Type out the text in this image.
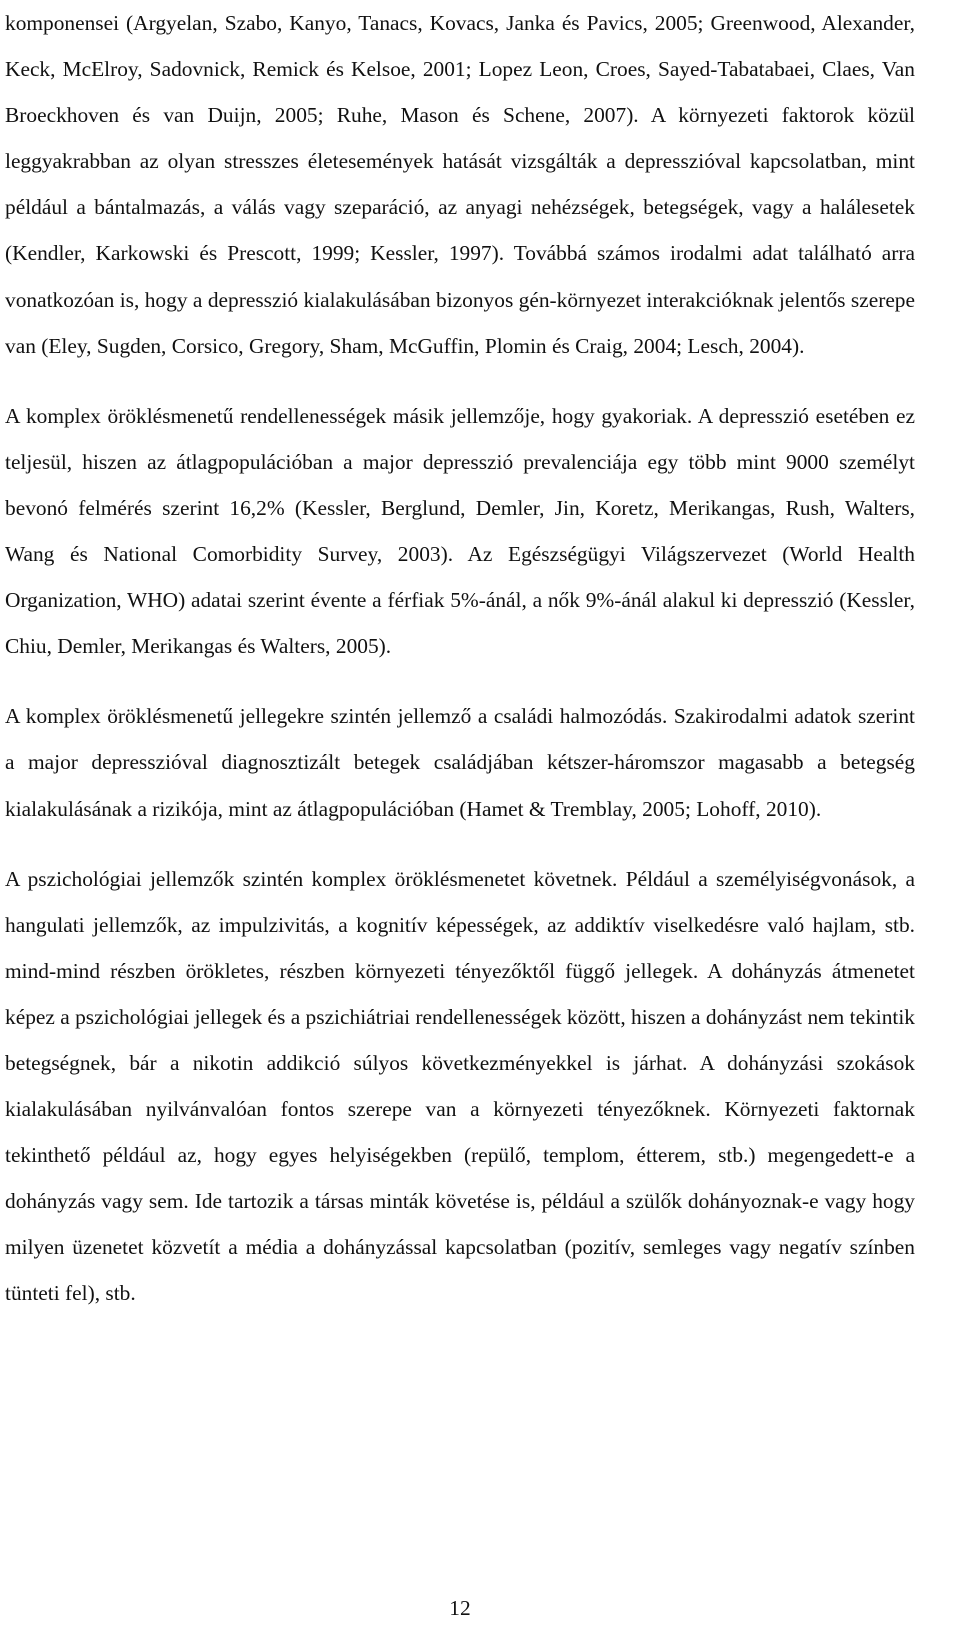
komponensei (Argyelan, Szabo, Kanyo, Tanacs, Kovacs, Janka és Pavics, 2005; Greenwood, Alexander, Keck, McElroy, Sadovnick, Remick és Kelsoe, 2001; Lopez Leon, Croes, Sayed-Tabatabaei, Claes, Van Broeckhoven és van Duijn, 2005; Ruhe, Mason és Schene, 2007). A környezeti faktorok közül leggyakrabban az olyan stresszes életesemények hatását vizsgálták a depresszióval kapcsolatban, mint például a bántalmazás, a válás vagy szeparáció, az anyagi nehézségek, betegségek, vagy a halálesetek (Kendler, Karkowski és Prescott, 1999; Kessler, 1997). Továbbá számos irodalmi adat található arra vonatkozóan is, hogy a depresszió kialakulásában bizonyos gén-környezet interakcióknak jelentős szerepe van (Eley, Sugden, Corsico, Gregory, Sham, McGuffin, Plomin és Craig, 2004; Lesch, 2004).

A komplex öröklésmenetű rendellenességek másik jellemzője, hogy gyakoriak. A depresszió esetében ez teljesül, hiszen az átlagpopulációban a major depresszió prevalenciája egy több mint 9000 személyt bevonó felmérés szerint 16,2% (Kessler, Berglund, Demler, Jin, Koretz, Merikangas, Rush, Walters, Wang és National Comorbidity Survey, 2003). Az Egészségügyi Világszervezet (World Health Organization, WHO) adatai szerint évente a férfiak 5%-ánál, a nők 9%-ánál alakul ki depresszió (Kessler, Chiu, Demler, Merikangas és Walters, 2005).

A komplex öröklésmenetű jellegekre szintén jellemző a családi halmozódás. Szakirodalmi adatok szerint a major depresszióval diagnosztizált betegek családjában kétszer-háromszor magasabb a betegség kialakulásának a rizikója, mint az átlagpopulációban (Hamet & Tremblay, 2005; Lohoff, 2010).

A pszichológiai jellemzők szintén komplex öröklésmenetet követnek. Például a személyiségvonások, a hangulati jellemzők, az impulzivitás, a kognitív képességek, az addiktív viselkedésre való hajlam, stb. mind-mind részben örökletes, részben környezeti tényezőktől függő jellegek. A dohányzás átmenetet képez a pszichológiai jellegek és a pszichiátriai rendellenességek között, hiszen a dohányzást nem tekintik betegségnek, bár a nikotin addikció súlyos következményekkel is járhat. A dohányzási szokások kialakulásában nyilvánvalóan fontos szerepe van a környezeti tényezőknek. Környezeti faktornak tekinthető például az, hogy egyes helyiségekben (repülő, templom, étterem, stb.) megengedett-e a dohányzás vagy sem. Ide tartozik a társas minták követése is, például a szülők dohányoznak-e vagy hogy milyen üzenetet közvetít a média a dohányzással kapcsolatban (pozitív, semleges vagy negatív színben tünteti fel), stb.

12
